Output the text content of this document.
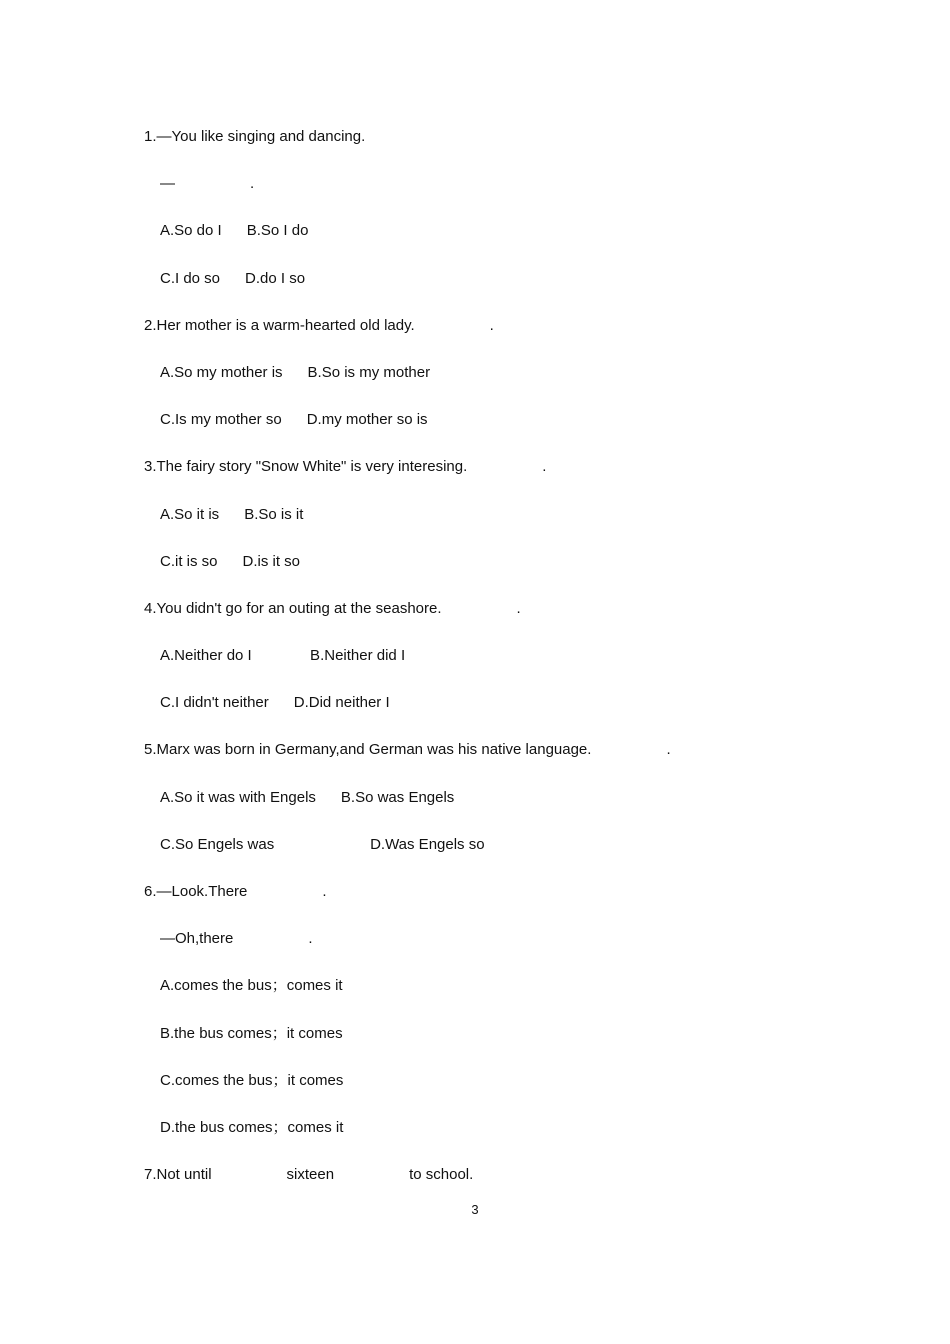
1.—You like singing and dancing.
—                  .
A.So do I      B.So I do
C.I do so      D.do I so
2.Her mother is a warm-hearted old lady.                  .
A.So my mother is      B.So is my mother
C.Is my mother so      D.my mother so is
3.The fairy story "Snow White" is very interesing.                  .
A.So it is      B.So is it
C.it is so      D.is it so
4.You didn't go for an outing at the seashore.                  .
A.Neither do I              B.Neither did I
C.I didn't neither      D.Did neither I
5.Marx was born in Germany,and German was his native language.                  .
A.So it was with Engels      B.So was Engels
C.So Engels was                       D.Was Engels so
6.—Look.There                  .
—Oh,there                  .
A.comes the bus；comes it
B.the bus comes；it comes
C.comes the bus；it comes
D.the bus comes；comes it
7.Not until                  sixteen                  to school.
3
